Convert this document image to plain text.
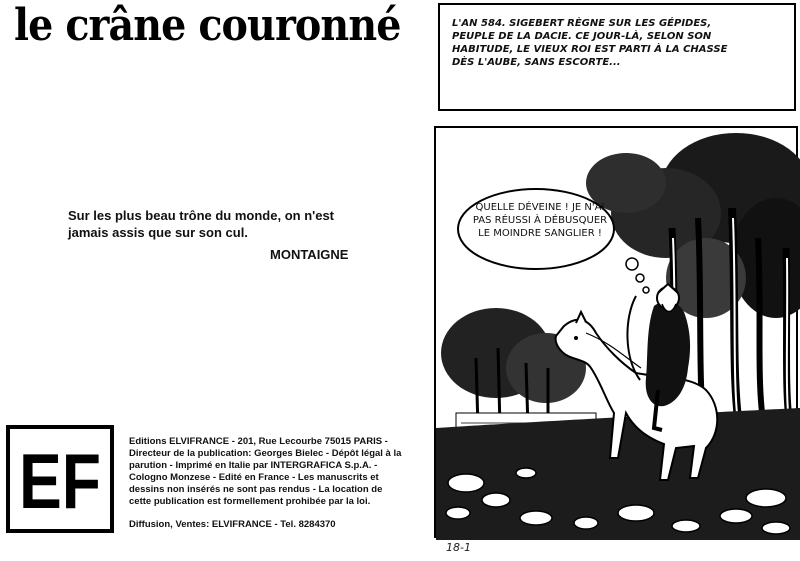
le crâne couronné

Sur les plus beau trône du monde, on n'est jamais assis que sur son cul.

MONTAIGNE
EF	Editions ELVIFRANCE - 201, Rue Lecourbe 75015 PARIS - Directeur de la publication: Georges Bielec - Dépôt légal à la parution - Imprimé en Italie par INTERGRAFICA S.p.A. - Cologno Monzese - Edité en France - Les manuscrits et dessins non insérés ne sont pas rendus - La location de cette publication est formellement prohibée par la loi.

Diffusion, Ventes: ELVIFRANCE - Tel. 8284370

L'AN 584. SIGEBERT RÈGNE SUR LES GÉPIDES, PEUPLE DE LA DACIE. CE JOUR-LÀ, SELON SON HABITUDE, LE VIEUX ROI EST PARTI À LA CHASSE DÈS L'AUBE, SANS ESCORTE...

QUELLE DÉVEINE ! JE N'AI PAS RÉUSSI À DÉBUSQUER LE MOINDRE SANGLIER !

18-1
